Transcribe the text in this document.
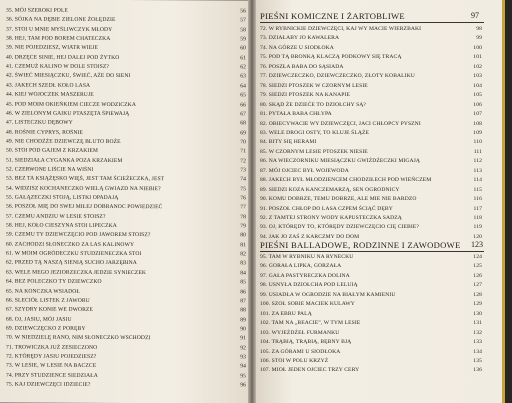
35. MÓJ SZEROKI POLE	56
36. SÓJKA NA DĘBIE ZIELONE ŻOŁĘDZIE	57
37. STOI U MNIE MYŚLIWCZYK MŁODY	58
38. HEJ, TAM POD BOREM CHATECZKA	59
39. NIE POJEDZIESZ, WIATR WIEJE	60
40. DRZĘCE SINIE, HEJ DALEJ POD ŻYTKO	61
41. CZEMUŻ KALINO W DOLE STOISZ?	62
42. ŚWIEĆ MIESIĄCZKU, ŚWIEĆ, AŻE DO SIENI	63
43. JAKECH SZEDŁ KOŁO LASA	64
44. KIEJ WOJOCZEK MASZERUJE	65
45. POD MOIM OKIEŃKIEM CIECZE WODZICZKA	66
46. W ZIELONYM GAIKU PTASZĘTA ŚPIEWAJĄ	67
47. LISTECZKU DĘBOWY	68
48. ROŚNIE CYPRYS, ROŚNIE	69
49. NIE CHODŹŻE DZIEWCZĘ BLUTO BOŻE	70
50. STOI POD GAJEM Z KRZAKIEM	71
51. SIEDZIAŁA CYGANKA POZA KRZAKIEM	72
52. CZERWONE LIŚCIE NA WIŚNI	73
53. BEZ TA KSIĄŻĘSKO WIĘŚ, JEST TAM ŚCIEŻECZKA, JEST	74
54. WIDZISZ KOCHANECZKO WIELĄ GWIAZD NA NIEBIE?	75
55. GAŁĄZECZKI STOJĄ, LISTKI OPADAJĄ	76
56. POSZOŁ MIĘ DO SWEJ MIŁEJ DOBRANOC POWIEDZIEĆ	77
57. CZEMU ANDZIU W LESIE STOISZ?	78
58. HEJ, KOŁO CIESZYNA STOI LIPECZKA	79
59. CZEMU TY DZIEWCZĘCIO POD JAWOREM STOISZ?	80
60. ZACHODZI SŁONECZKO ZA LAS KALINOWY	81
61. W MOIM OGRÓDECZKU STUDZIENECZKA STOI	82
62. PRZED TĄ NASZĄ SIENIĄ SUCHO JARZĘBINA	83
63. WELE MEGO JEZIORZECZKA JEDZIE SYNIECZEK	84
64. BEZ POLECZKO TY DZIEWCZKO	85
65. NA KONCZKA WSIADOŁ	86
66. SLECIÓŁ LISTEK Z JAWORU	87
67. SZYDRY KONIE WE DWORZE	88
68. OJ, JASIU, MÓJ JASIU	89
69. DZIEWCZĘCKO Z PORĘBY	90
70. W NIEDZIELĘ RANO, NIM SŁONECZKO WSCHODZI	91
71. TROWICZKA JUŻ ZESIECZONO	92
72. KTÓRĘDY JASIU POJEDZIESZ?	93
73. W LESIE, W LESIE NA BACZCE	94
74. PRZY STUDZIENCE SIEDZIAŁA	95
75. KAJ DZIEWCZĘCI IDZIECIE?	96
72. W RYBNICKIE DZIEWCZĘCI, KAJ WY MACIE WIERZBAKI	98
73. DZIAŁABY JO KAWALERA	99
74. NA GÓRZE U SIODŁOKA	100
75. POD TĄ BRONKĄ KLACZĄ PODKOWY SIĘ TRACĄ	101
76. POSZŁA BABA DO SĄSIADA	102
77. DZIEWCZECZKO, DZIEWCZECZKO, ZŁOTY KOBALIKU	103
78. SIEDZI PTOSZEK W CZORNYM LESIE	104
79. SIEDZI PTOSZEK NA KANAPIE	105
80. SKĄD ŻE DZIEĆE TO DZIOŁCHY SĄ?	106
81. PYTAŁA BABA CHŁYPA	107
82. OBIECYWACIE WY DZIEWCZĘCI, JACI CHŁOPCY PYSZNI	108
83. WELE DROGI OSTY, TO KLUJE ŚLĄŻE	109
84. BITY SIĘ HERAMI	110
85. W CZORNYM LESIE PTOSZEK NIESIE	111
86. NA WIECZORNIKU MIESIĄCZKU GWIŻDŻECZKI MIGAJĄ	112
87. MÓJ OJCIEC BYŁ WOJEWODA	113
88. JAKECH BYŁ MŁODZIENCEM CHODZIŁECH POD WIEŃCZEM	114
89. SIEDZI KOZA KANCZEMARZĄ, SEN OGRODNICY	115
90. KOMU DOBRZE, TEMU DOBRZE, ALE MIE NIE BARDZO	116
91. POSZOŁ CHŁOP DO LASA CZPEM ŚCIĄĆ DĘBY	117
92. Z TAMTEJ STRONY WODY KAPUSTECZKA SADZĄ	118
93. OJ, KTÓRĘDY TO, KTÓRĘDY DZIEWCZĘCIO CIĘ CIEBIE?	119
94. JAK JO ZAŚ Z KARCZMY DO DOM	120
95. TAM W RYBNIKU NA RYNECKU	124
96. GORAŁA LIPKA, GORZAŁA	125
97. GAŁA PASTYRECZKA DOLINA	126
98. USNYŁA DZIOŁCHA POD LELUIĄ	127
99. USIADŁA W OGRODZIE NA BIAŁYM KAMIENIU	128
100. SZOŁ SOBIE MACIEK KULAWY	129
101. ZA EBRU PALĄ	130
102. TAM NA „BEACIE”, W TYM LESIE	131
103. WYJEŻDŻEŁ FURMANKU	132
104. TRĄBIĄ, TRĄBIĄ, BĘBNY BJĄ	133
105. ZA GÓRAMI U SIODŁOKA	134
106. STOI W POLU KRZYŻ	135
107. MIOŁ JEDEN OJCIEC TRZY CERY	136
PIEŚNI KOMICZNE I ŻARTOBLIWE	97
PIEŚNI BALLADOWE, RODZINNE I ZAWODOWE 123
